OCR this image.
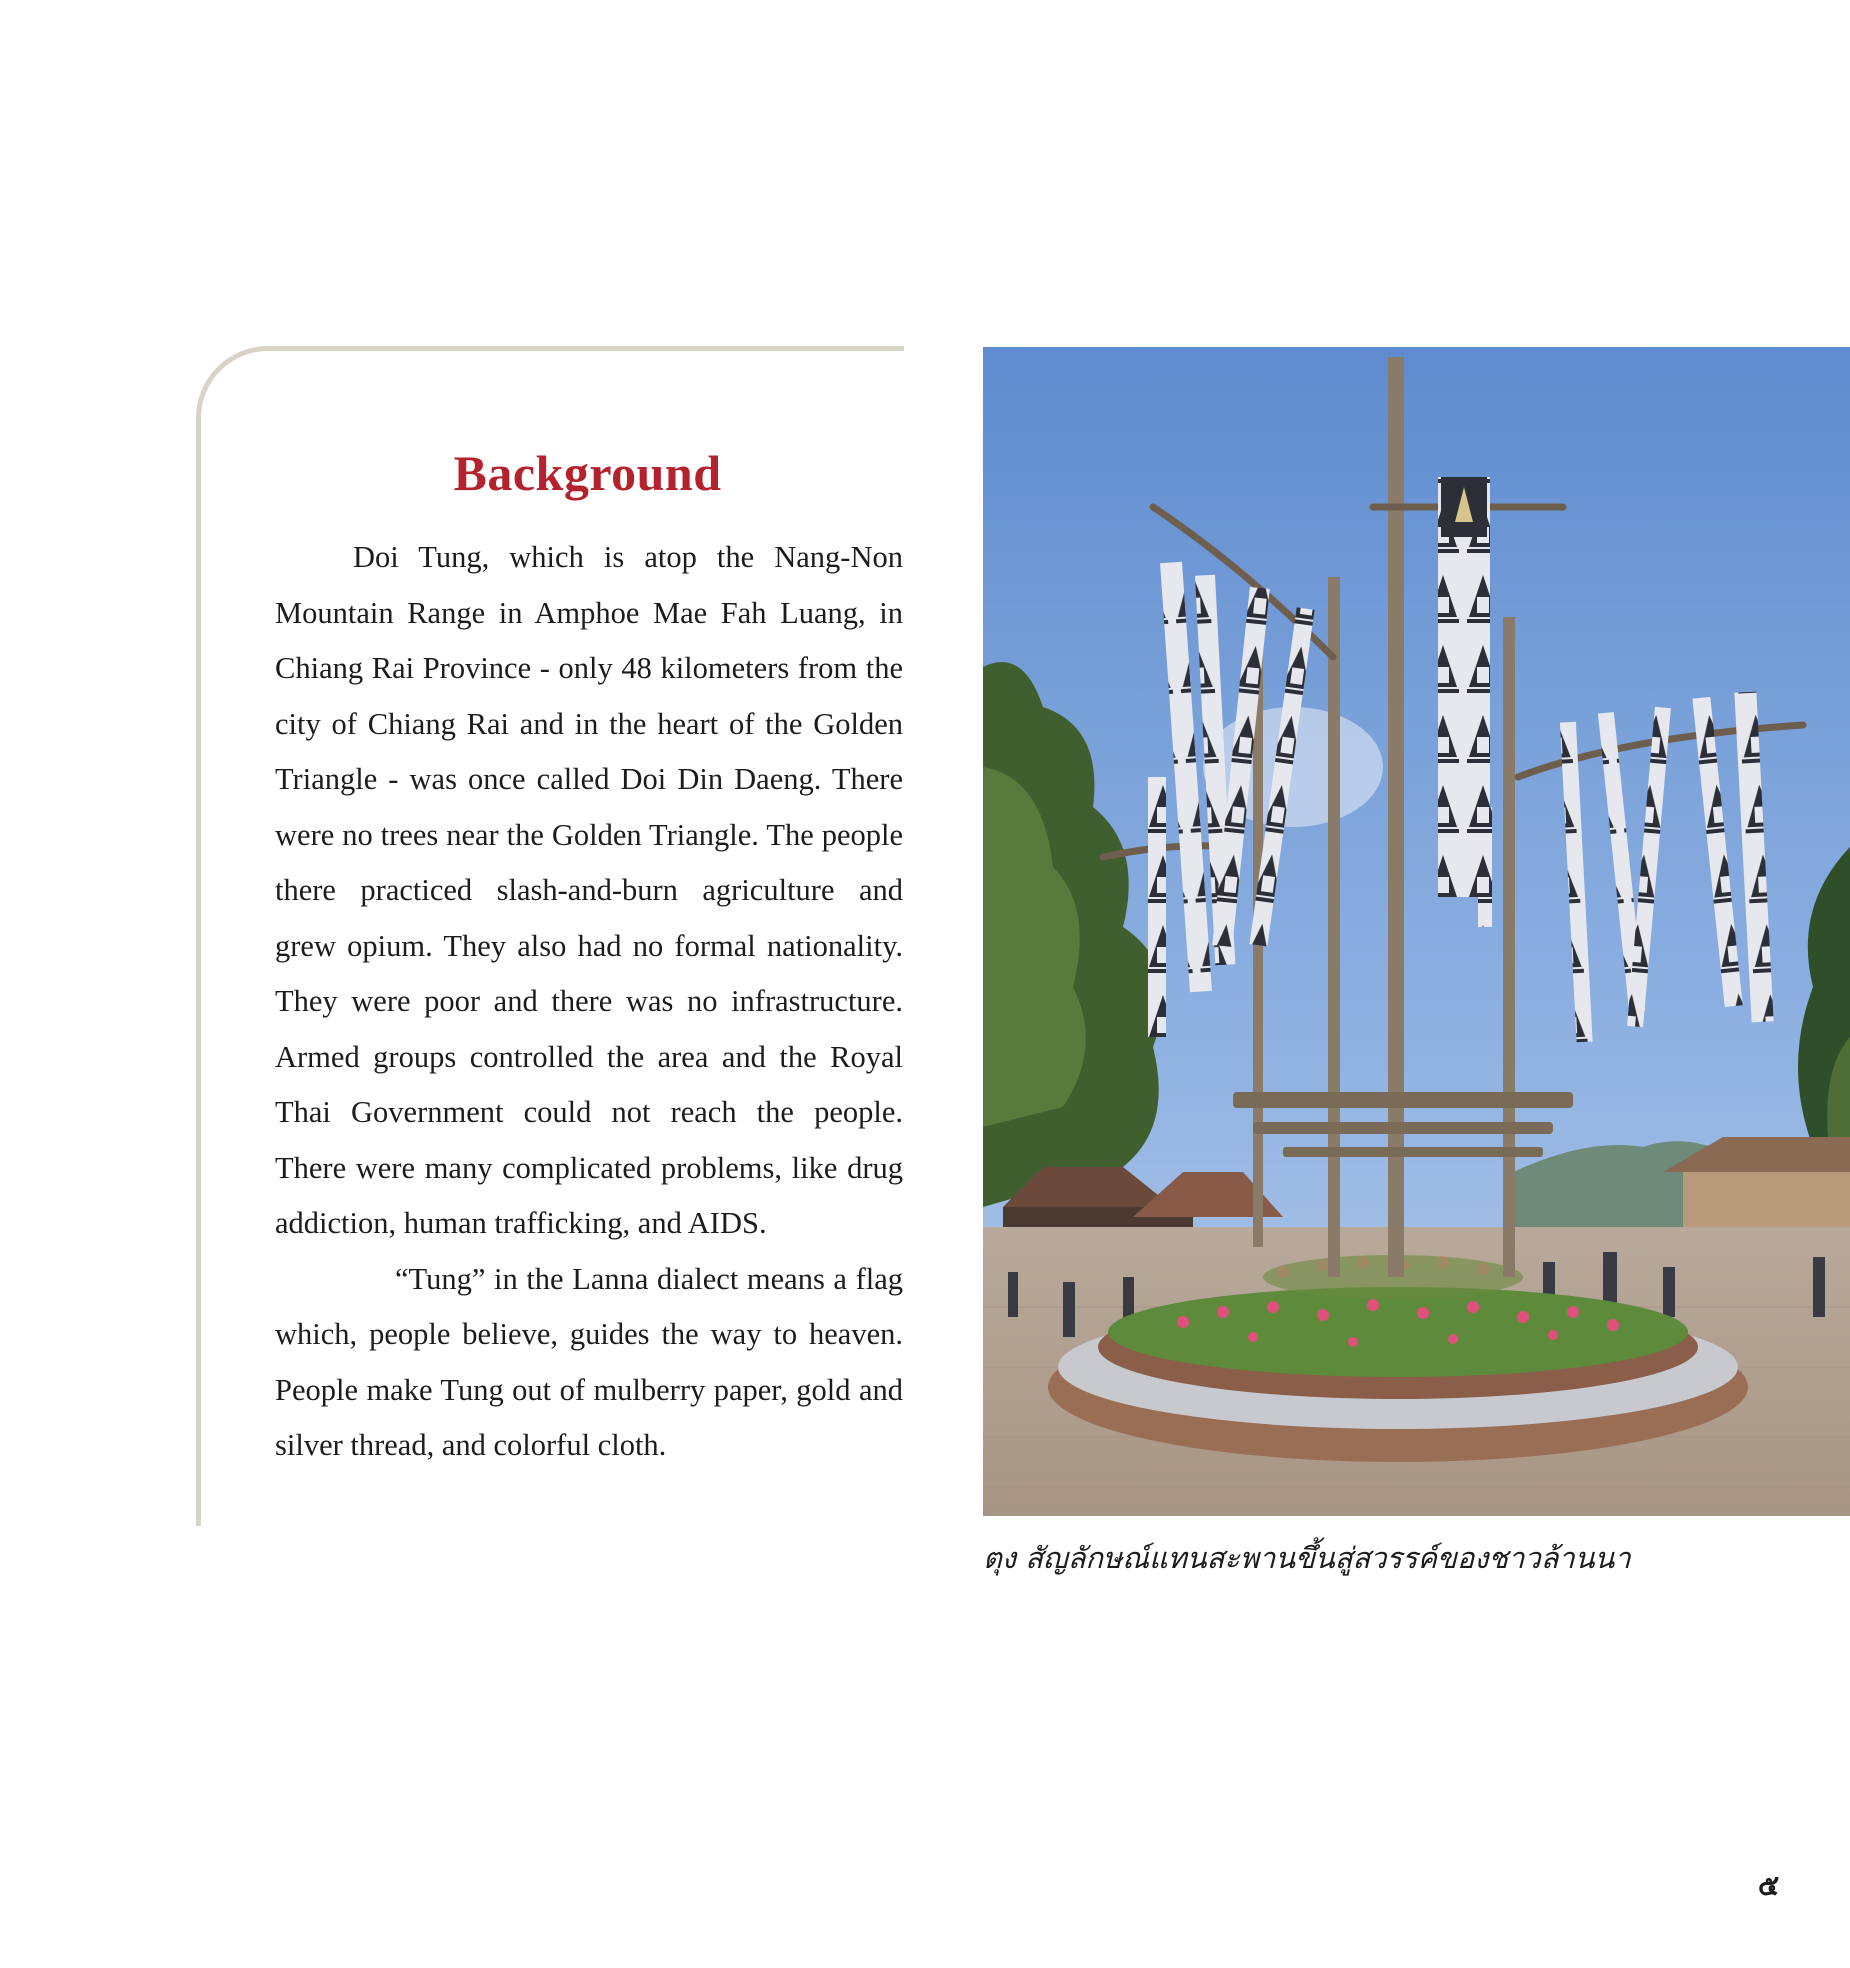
Background

Doi Tung, which is atop the Nang-Non Mountain Range in Amphoe Mae Fah Luang, in Chiang Rai Province - only 48 kilometers from the city of Chiang Rai and in the heart of the Golden Triangle - was once called Doi Din Daeng. There were no trees near the Golden Triangle. The people there practiced slash-and-burn agriculture and grew opium. They also had no formal nationality. They were poor and there was no infrastructure. Armed groups controlled the area and the Royal Thai Government could not reach the people. There were many complicated problems, like drug addiction, human trafficking, and AIDS.

“Tung” in the Lanna dialect means a flag which, people believe, guides the way to heaven. People make Tung out of mulberry paper, gold and silver thread, and colorful cloth.

ตุง สัญลักษณ์แทนสะพานขึ้นสู่สวรรค์ของชาวล้านนา
๕
